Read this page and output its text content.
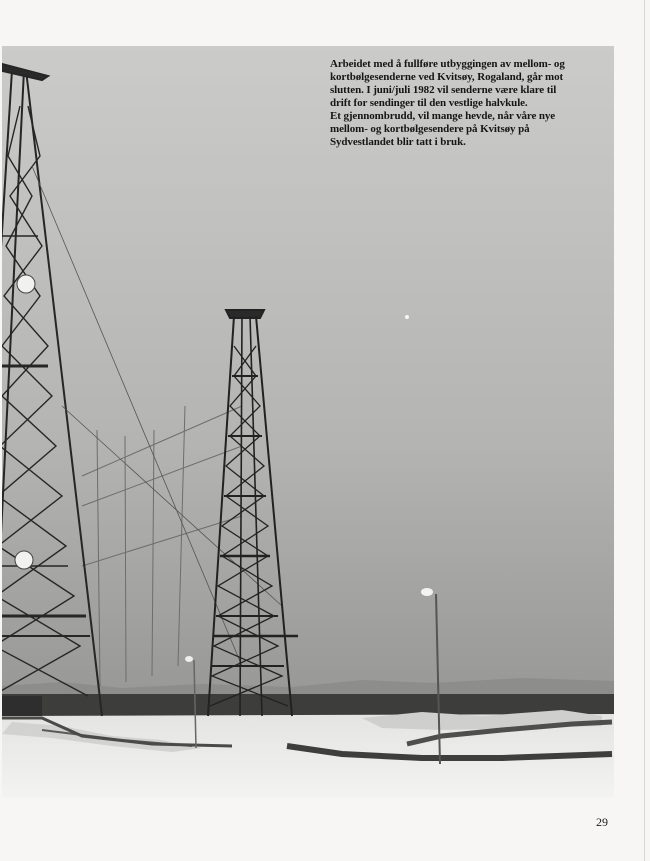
Arbeidet med å fullføre utbyggingen av mellom- og
kortbølgesenderne ved Kvitsøy, Rogaland, går mot
slutten. I juni/juli 1982 vil senderne være klare til
drift for sendinger til den vestlige halvkule.
Et gjennombrudd, vil mange hevde, når våre nye
mellom- og kortbølgesendere på Kvitsøy på
Sydvestlandet blir tatt i bruk.
29
